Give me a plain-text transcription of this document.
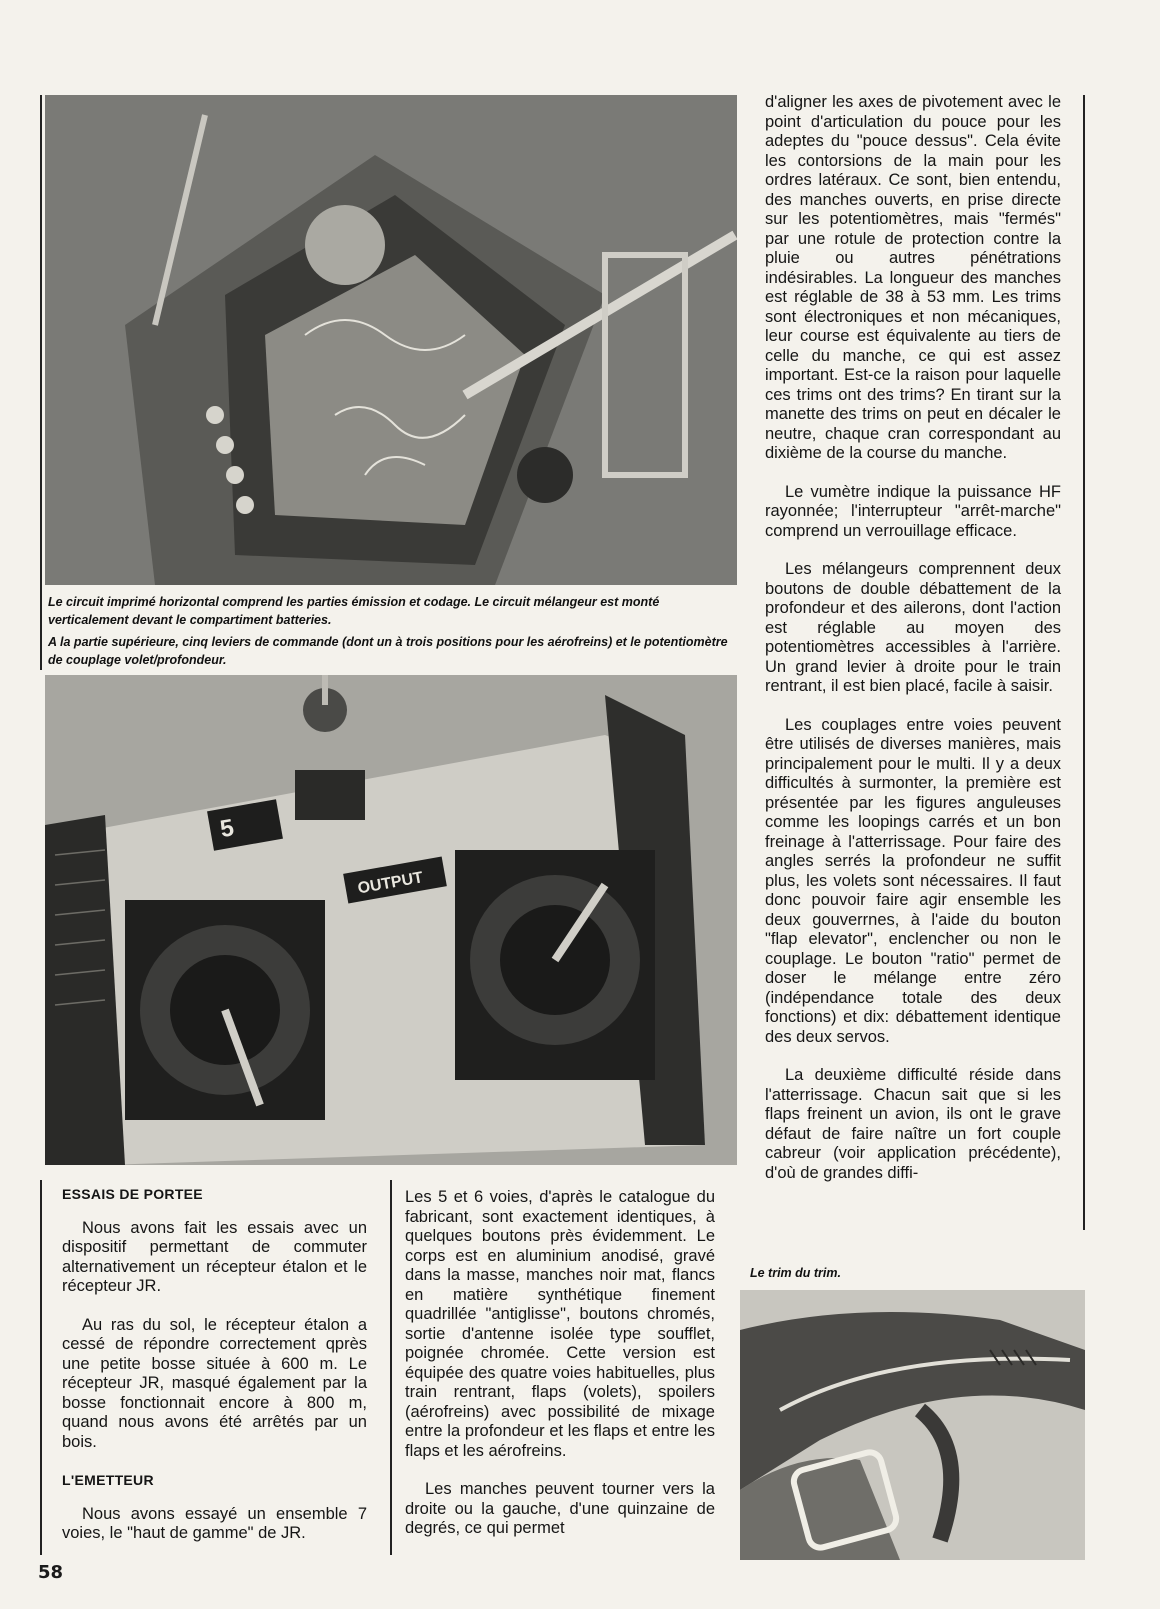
Le circuit imprimé horizontal comprend les parties émission et codage. Le circuit mélangeur est monté verticalement devant le compartiment batteries.
A la partie supérieure, cinq leviers de commande (dont un à trois positions pour les aérofreins) et le potentiomètre de couplage volet/profondeur.
OUTPUT
5
ESSAIS DE PORTEE

Nous avons fait les essais avec un dispositif permettant de commuter alternativement un récepteur étalon et le récepteur JR.

Au ras du sol, le récepteur étalon a cessé de répondre correctement qprès une petite bosse située à 600 m. Le récepteur JR, masqué également par la bosse fonctionnait encore à 800 m, quand nous avons été arrêtés par un bois.

L'EMETTEUR

Nous avons essayé un ensemble 7 voies, le "haut de gamme" de JR.

Les 5 et 6 voies, d'après le catalogue du fabricant, sont exactement identiques, à quelques boutons près évidemment. Le corps est en aluminium anodisé, gravé dans la masse, manches noir mat, flancs en matière synthétique finement quadrillée "antiglisse", boutons chromés, sortie d'antenne isolée type soufflet, poignée chromée. Cette version est équipée des quatre voies habituelles, plus train rentrant, flaps (volets), spoilers (aérofreins) avec possibilité de mixage entre la profondeur et les flaps et entre les flaps et les aérofreins.

Les manches peuvent tourner vers la droite ou la gauche, d'une quinzaine de degrés, ce qui permet

d'aligner les axes de pivotement avec le point d'articulation du pouce pour les adeptes du "pouce dessus". Cela évite les contorsions de la main pour les ordres latéraux. Ce sont, bien entendu, des manches ouverts, en prise directe sur les potentiomètres, mais "fermés" par une rotule de protection contre la pluie ou autres pénétrations indésirables. La longueur des manches est réglable de 38 à 53 mm. Les trims sont électroniques et non mécaniques, leur course est équivalente au tiers de celle du manche, ce qui est assez important. Est-ce la raison pour laquelle ces trims ont des trims? En tirant sur la manette des trims on peut en décaler le neutre, chaque cran correspondant au dixième de la course du manche.

Le vumètre indique la puissance HF rayonnée; l'interrupteur "arrêt-marche" comprend un verrouillage efficace.

Les mélangeurs comprennent deux boutons de double débattement de la profondeur et des ailerons, dont l'action est réglable au moyen des potentiomètres accessibles à l'arrière. Un grand levier à droite pour le train rentrant, il est bien placé, facile à saisir.

Les couplages entre voies peuvent être utilisés de diverses manières, mais principalement pour le multi. Il y a deux difficultés à surmonter, la première est présentée par les figures anguleuses comme les loopings carrés et un bon freinage à l'atterrissage. Pour faire des angles serrés la profondeur ne suffit plus, les volets sont nécessaires. Il faut donc pouvoir faire agir ensemble les deux gouverrnes, à l'aide du bouton "flap elevator", enclencher ou non le couplage. Le bouton "ratio" permet de doser le mélange entre zéro (indépendance totale des deux fonctions) et dix: débattement identique des deux servos.

La deuxième difficulté réside dans l'atterrissage. Chacun sait que si les flaps freinent un avion, ils ont le grave défaut de faire naître un fort couple cabreur (voir application précédente), d'où de grandes diffi-

Le trim du trim.
58
